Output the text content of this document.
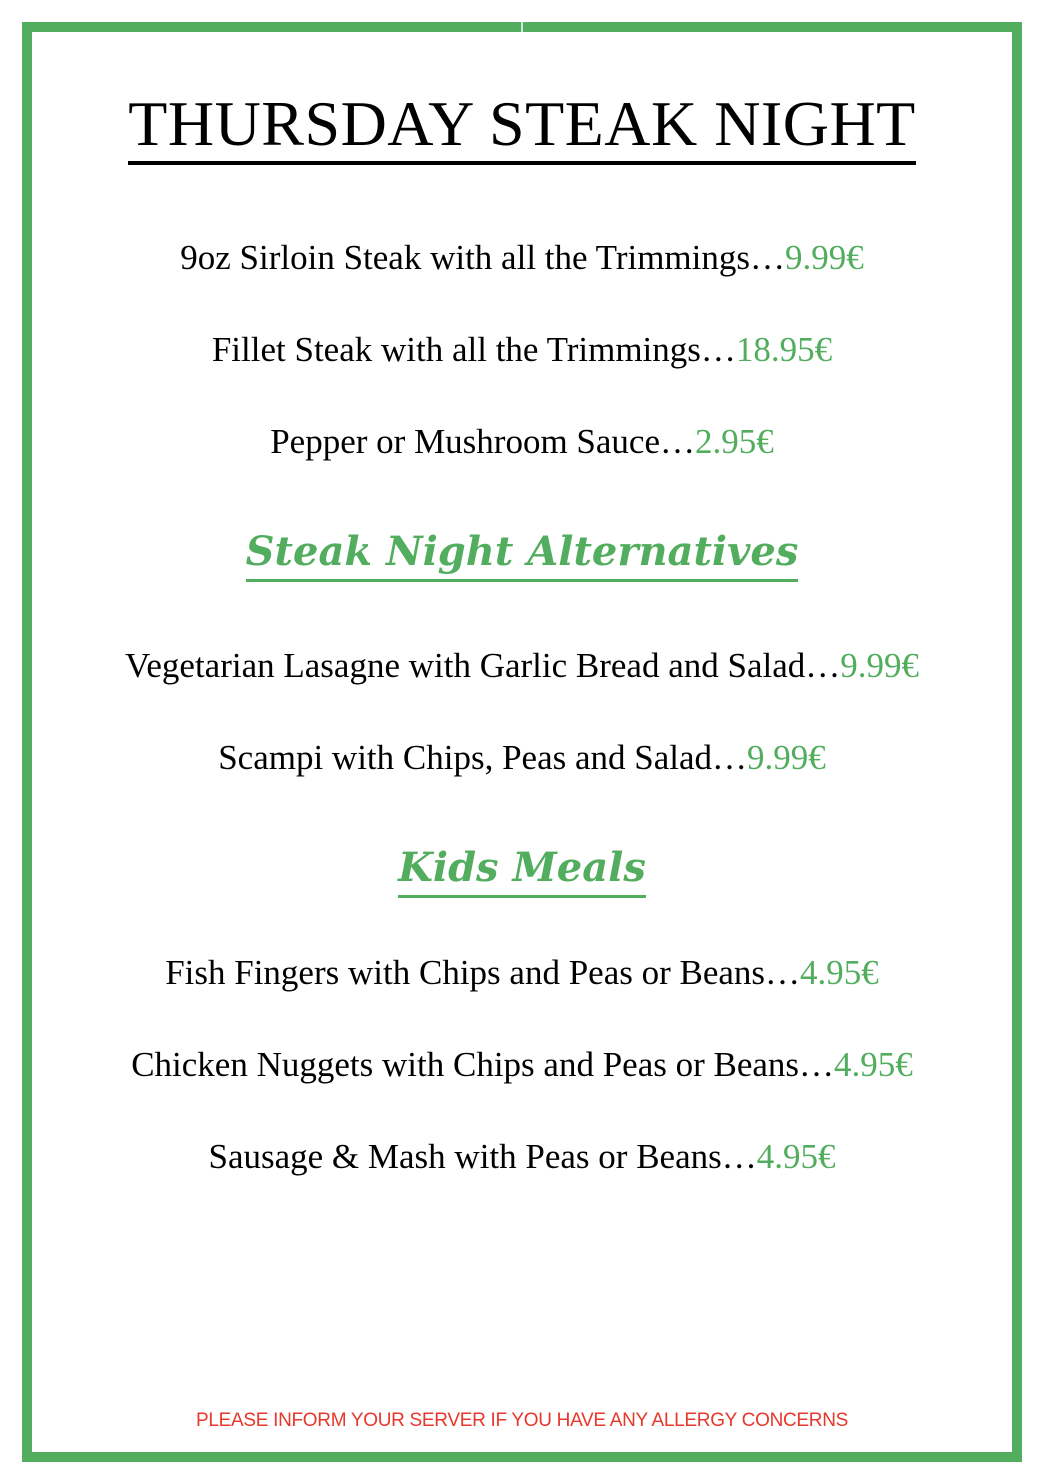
THURSDAY STEAK NIGHT
9oz Sirloin Steak with all the Trimmings…9.99€
Fillet Steak with all the Trimmings…18.95€
Pepper or Mushroom Sauce…2.95€
Steak Night Alternatives
Vegetarian Lasagne with Garlic Bread and Salad…9.99€
Scampi with Chips, Peas and Salad…9.99€
Kids Meals
Fish Fingers with Chips and Peas or Beans…4.95€
Chicken Nuggets with Chips and Peas or Beans…4.95€
Sausage & Mash with Peas or Beans…4.95€
PLEASE INFORM YOUR SERVER IF YOU HAVE ANY ALLERGY CONCERNS
